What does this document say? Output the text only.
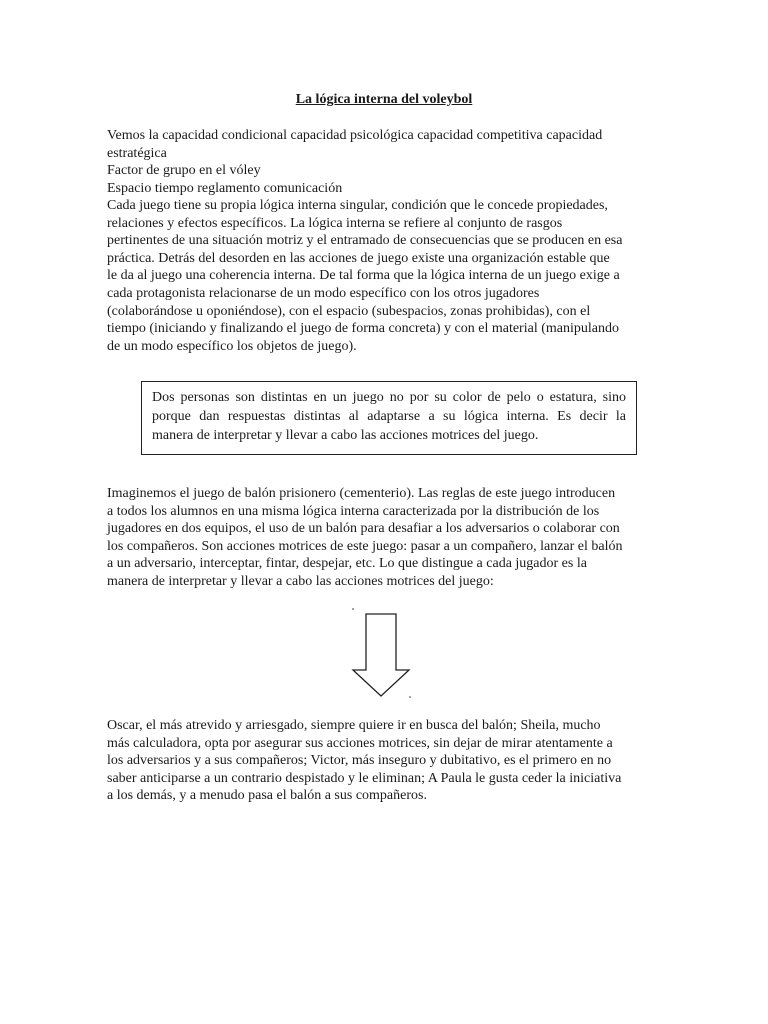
La lógica interna del voleybol
Vemos la capacidad condicional capacidad psicológica capacidad competitiva capacidad
estratégica
Factor de grupo en el vóley
Espacio tiempo reglamento comunicación
Cada juego tiene su propia lógica interna singular, condición que le concede propiedades,
relaciones y efectos específicos. La lógica interna se refiere al conjunto de rasgos
pertinentes de una situación motriz y el entramado de consecuencias que se producen en esa
práctica. Detrás del desorden en las acciones de juego existe una organización estable que
le da al juego una coherencia interna. De tal forma que la lógica interna de un juego exige a
cada protagonista relacionarse de un modo específico con los otros jugadores
(colaborándose u oponiéndose), con el espacio (subespacios, zonas prohibidas), con el
tiempo (iniciando y finalizando el juego de forma concreta) y con el material (manipulando
de un modo específico los objetos de juego).
Dos personas son distintas en un juego no por su color de pelo o estatura, sino
porque dan respuestas distintas al adaptarse a su lógica interna. Es decir la
manera de interpretar y llevar a cabo las acciones motrices del juego.
Imaginemos el juego de balón prisionero (cementerio). Las reglas de este juego introducen
a todos los alumnos en una misma lógica interna caracterizada por la distribución de los
jugadores en dos equipos, el uso de un balón para desafiar a los adversarios o colaborar con
los compañeros. Son acciones motrices de este juego: pasar a un compañero, lanzar el balón
a un adversario, interceptar, fintar, despejar, etc. Lo que distingue a cada jugador es la
manera de interpretar y llevar a cabo las acciones motrices del juego:
Oscar, el más atrevido y arriesgado, siempre quiere ir en busca del balón; Sheila, mucho
más calculadora, opta por asegurar sus acciones motrices, sin dejar de mirar atentamente a
los adversarios y a sus compañeros; Victor, más inseguro y dubitativo, es el primero en no
saber anticiparse a un contrario despistado y le eliminan; A Paula le gusta ceder la iniciativa
a los demás, y a menudo pasa el balón a sus compañeros.
